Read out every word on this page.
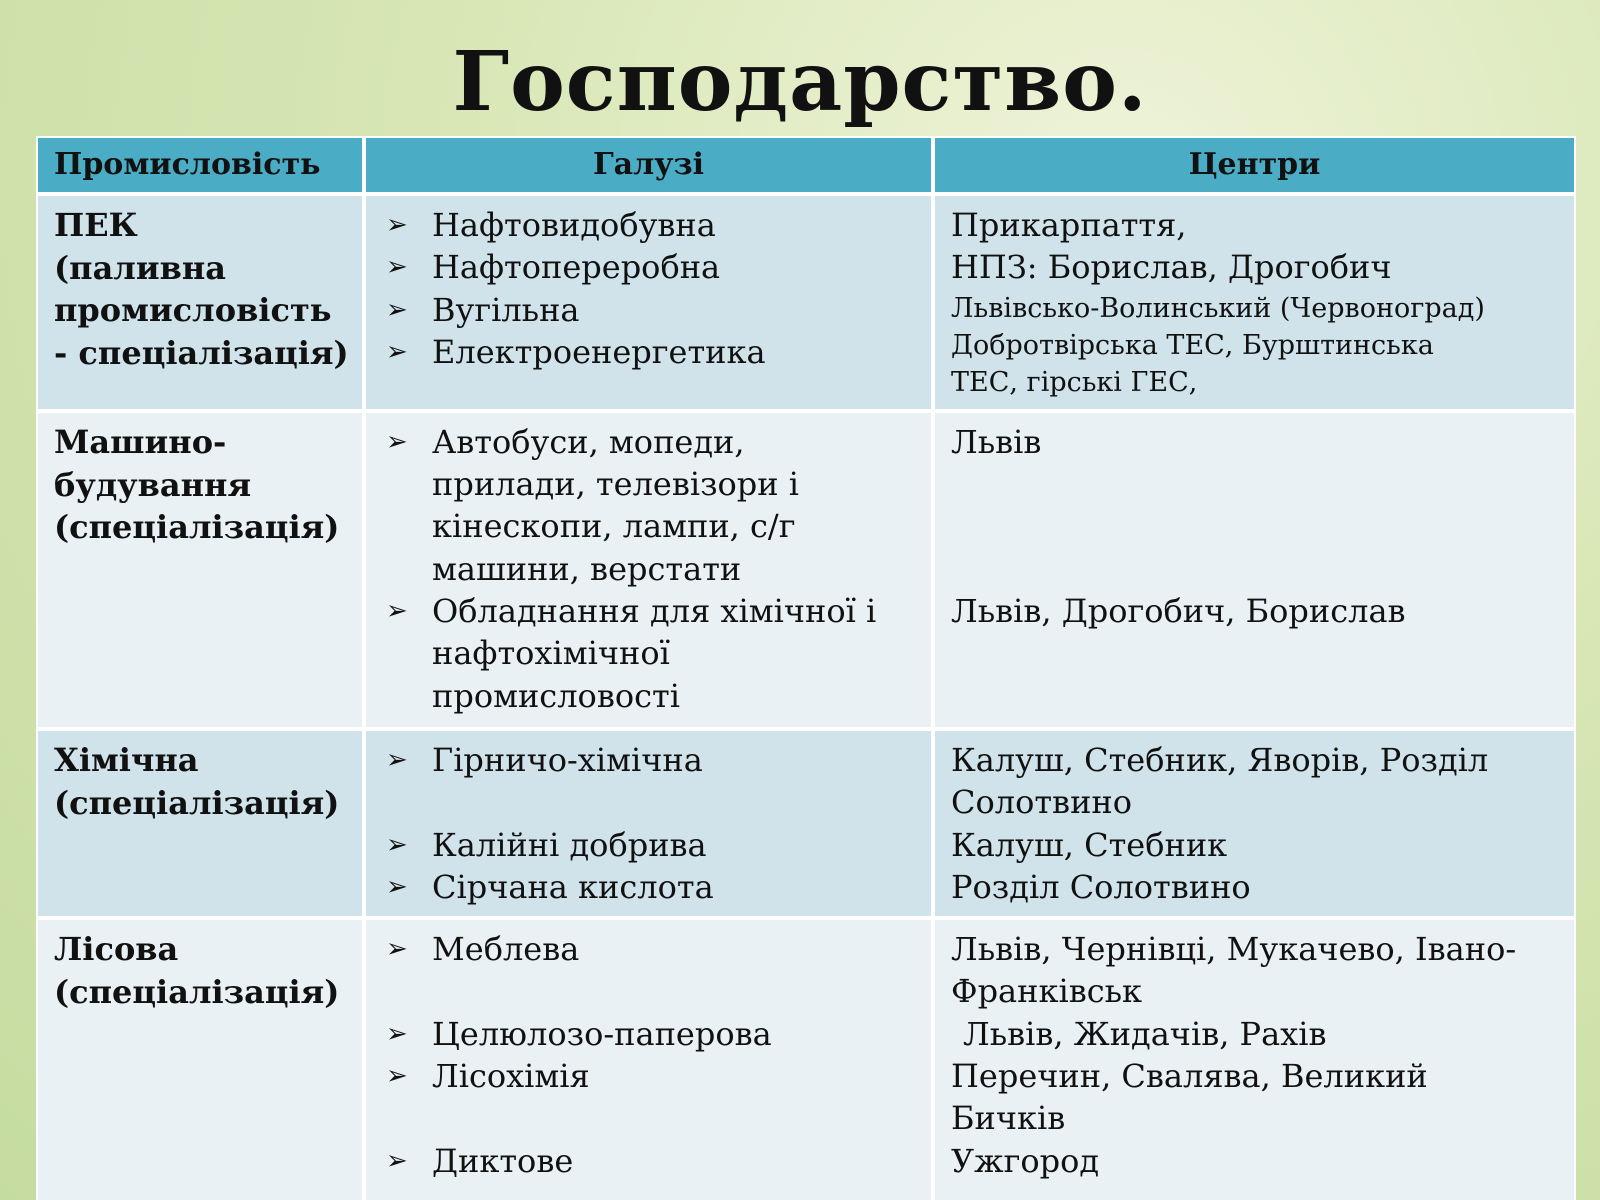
Господарство.
Промисловість	Галузі	Центри
ПЕК
(паливна
промисловість
- спеціалізація)
➢ Нафтовидобувна
➢ Нафтопереробна
➢ Вугільна
➢ Електроенергетика
Прикарпаття,
НПЗ: Борислав, Дрогобич
Львівсько-Волинський (Червоноград)
Добротвірська ТЕС, Бурштинська
ТЕС, гірські ГЕС,
Машино-
будування
(спеціалізація)
➢ Автобуси, мопеди,
прилади, телевізори і
кінескопи, лампи, с/г
машини, верстати
➢ Обладнання для хімічної і
нафтохімічної
промисловості
Львів
Львів, Дрогобич, Борислав
Хімічна
(спеціалізація)
➢ Гірничо-хімічна
➢ Калійні добрива
➢ Сірчана кислота
Калуш, Стебник, Яворів, Розділ
Солотвино
Калуш, Стебник
Розділ Солотвино
Лісова
(спеціалізація)
➢ Меблева
➢ Целюлозо-паперова
➢ Лісохімія
➢ Диктове
Львів, Чернівці, Мукачево, Івано-
Франківськ
Львів, Жидачів, Рахів
Перечин, Свалява, Великий
Бичків
Ужгород
